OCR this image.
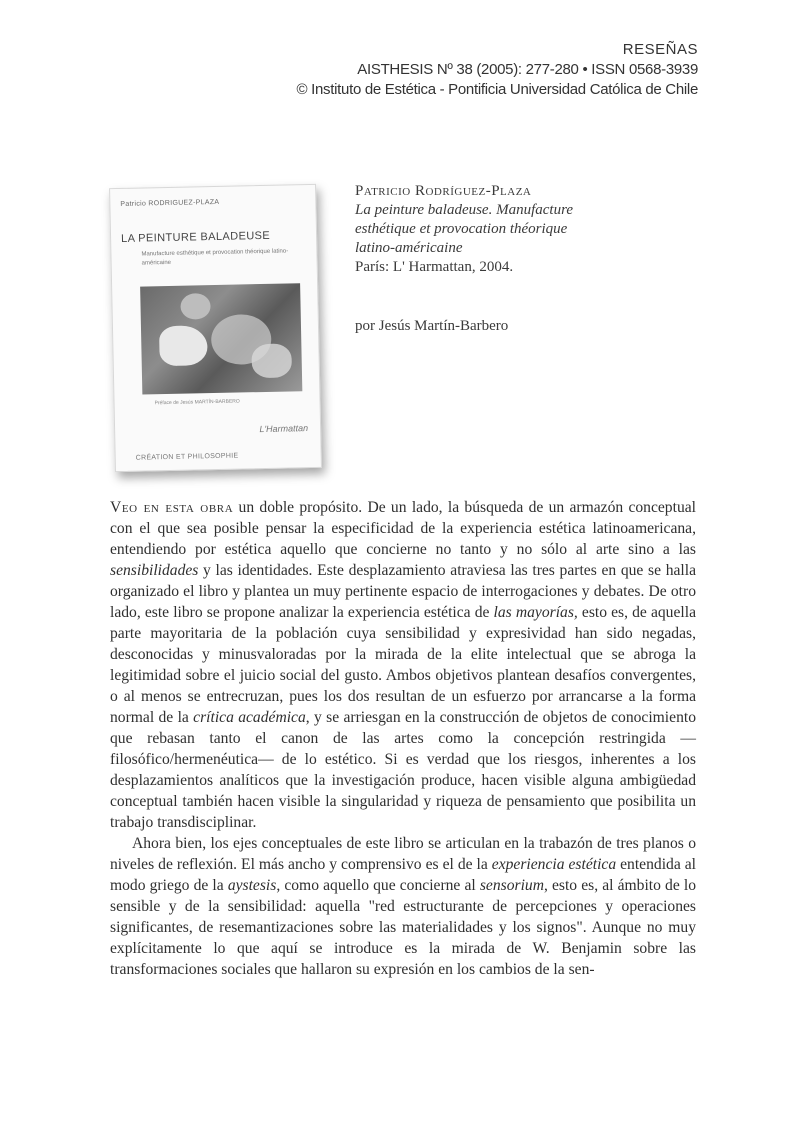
RESEÑAS
AISTHESIS Nº 38 (2005): 277-280 • ISSN 0568-3939
© Instituto de Estética - Pontificia Universidad Católica de Chile
Patricio RODRIGUEZ-PLAZA
LA PEINTURE BALADEUSE
Manufacture esthétique et provocation théorique latino-américaine
Préface de Jesús MARTÍN-BARBERO
L'Harmattan
CRÉATION ET PHILOSOPHIE
Patricio Rodríguez-Plaza
La peinture baladeuse. Manufacture
esthétique et provocation théorique
latino-américaine
París: L' Harmattan, 2004.
por Jesús Martín-Barbero

Veo en esta obra un doble propósito. De un lado, la búsqueda de un armazón conceptual con el que sea posible pensar la especificidad de la experiencia estética latinoamericana, entendiendo por estética aquello que concierne no tanto y no sólo al arte sino a las sensibilidades y las identidades. Este desplazamiento atraviesa las tres partes en que se halla organizado el libro y plantea un muy pertinente espacio de interrogaciones y debates. De otro lado, este libro se propone analizar la experiencia estética de las mayorías, esto es, de aquella parte mayoritaria de la población cuya sensibilidad y expresividad han sido negadas, desconocidas y minusvaloradas por la mirada de la elite intelectual que se abroga la legitimidad sobre el juicio social del gusto. Ambos objetivos plantean desafíos convergentes, o al menos se entrecruzan, pues los dos resultan de un esfuerzo por arrancarse a la forma normal de la crítica académica, y se arriesgan en la construcción de objetos de conocimiento que rebasan tanto el canon de las artes como la concepción restringida —filosófico/hermenéutica— de lo estético. Si es verdad que los riesgos, inherentes a los desplazamientos analíticos que la investigación produce, hacen visible alguna ambigüedad conceptual también hacen visible la singularidad y riqueza de pensamiento que posibilita un trabajo transdisciplinar.

Ahora bien, los ejes conceptuales de este libro se articulan en la trabazón de tres planos o niveles de reflexión. El más ancho y comprensivo es el de la experiencia estética entendida al modo griego de la aystesis, como aquello que concierne al sensorium, esto es, al ámbito de lo sensible y de la sensibilidad: aquella "red estructurante de percepciones y operaciones significantes, de resemantizaciones sobre las materialidades y los signos". Aunque no muy explícitamente lo que aquí se introduce es la mirada de W. Benjamin sobre las transformaciones sociales que hallaron su expresión en los cambios de la sen-
